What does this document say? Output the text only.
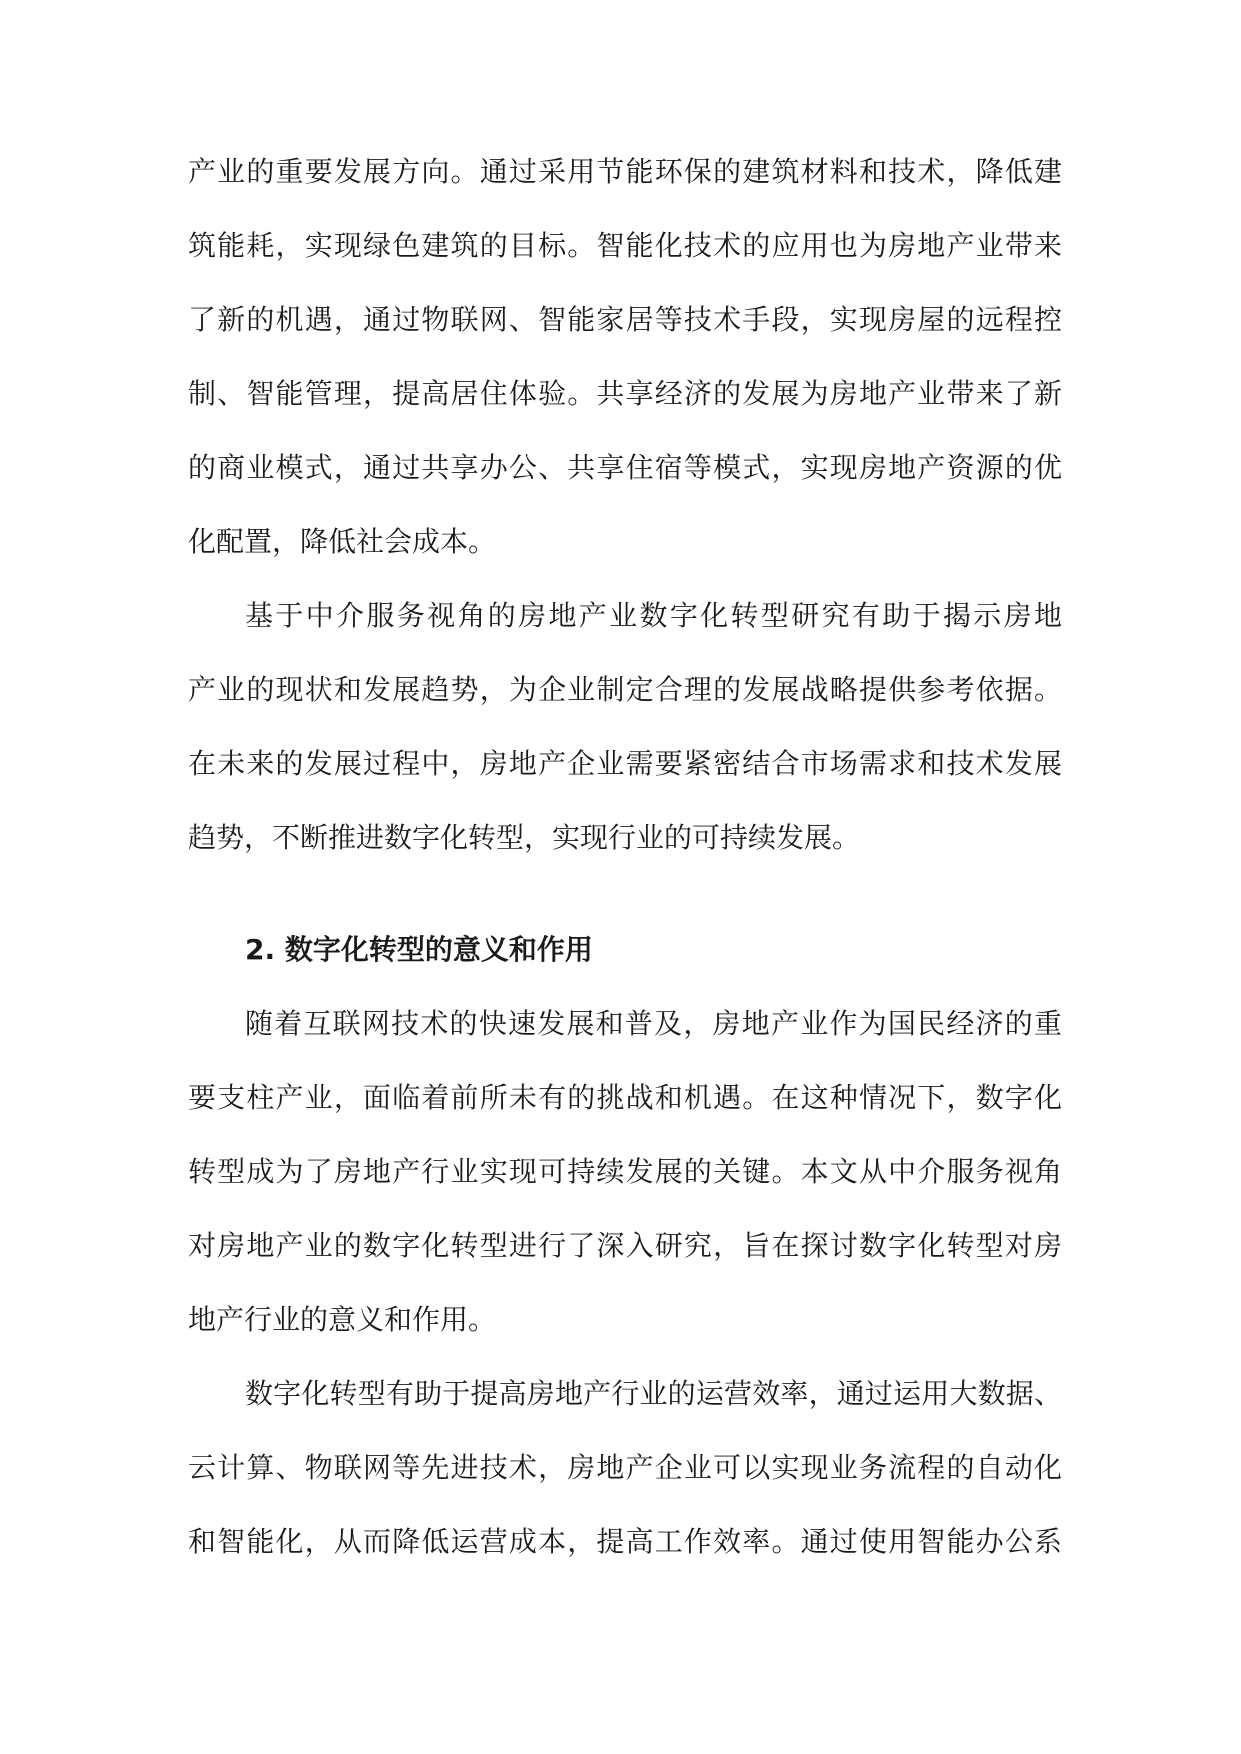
产业的重要发展方向。通过采用节能环保的建筑材料和技术，降低建
筑能耗，实现绿色建筑的目标。智能化技术的应用也为房地产业带来
了新的机遇，通过物联网、智能家居等技术手段，实现房屋的远程控
制、智能管理，提高居住体验。共享经济的发展为房地产业带来了新
的商业模式，通过共享办公、共享住宿等模式，实现房地产资源的优
化配置，降低社会成本。
基于中介服务视角的房地产业数字化转型研究有助于揭示房地
产业的现状和发展趋势，为企业制定合理的发展战略提供参考依据。
在未来的发展过程中，房地产企业需要紧密结合市场需求和技术发展
趋势，不断推进数字化转型，实现行业的可持续发展。
2. 数字化转型的意义和作用
随着互联网技术的快速发展和普及，房地产业作为国民经济的重
要支柱产业，面临着前所未有的挑战和机遇。在这种情况下，数字化
转型成为了房地产行业实现可持续发展的关键。本文从中介服务视角
对房地产业的数字化转型进行了深入研究，旨在探讨数字化转型对房
地产行业的意义和作用。
数字化转型有助于提高房地产行业的运营效率，通过运用大数据、
云计算、物联网等先进技术，房地产企业可以实现业务流程的自动化
和智能化，从而降低运营成本，提高工作效率。通过使用智能办公系
